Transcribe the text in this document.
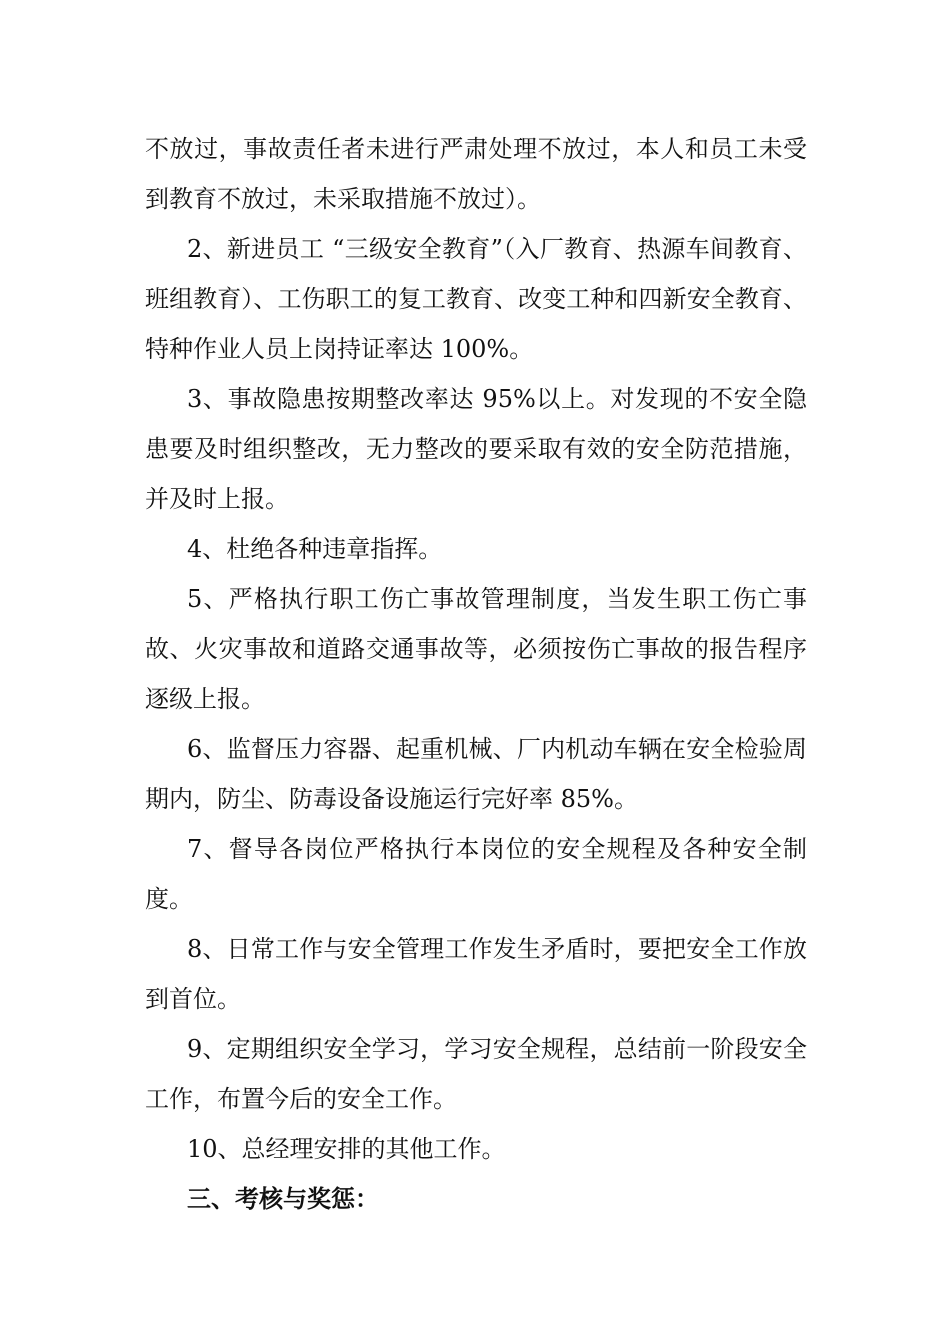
不放过，事故责任者未进行严肃处理不放过，本人和员工未受到教育不放过，未采取措施不放过）。

2、新进员工 “三级安全教育”（入厂教育、热源车间教育、班组教育）、工伤职工的复工教育、改变工种和四新安全教育、特种作业人员上岗持证率达 100%。

3、事故隐患按期整改率达 95%以上。对发现的不安全隐患要及时组织整改，无力整改的要采取有效的安全防范措施，并及时上报。

4、杜绝各种违章指挥。

5、严格执行职工伤亡事故管理制度，当发生职工伤亡事故、火灾事故和道路交通事故等，必须按伤亡事故的报告程序逐级上报。

6、监督压力容器、起重机械、厂内机动车辆在安全检验周期内，防尘、防毒设备设施运行完好率 85%。

7、督导各岗位严格执行本岗位的安全规程及各种安全制度。

8、日常工作与安全管理工作发生矛盾时，要把安全工作放到首位。

9、定期组织安全学习，学习安全规程，总结前一阶段安全工作，布置今后的安全工作。

10、总经理安排的其他工作。

三、考核与奖惩：
